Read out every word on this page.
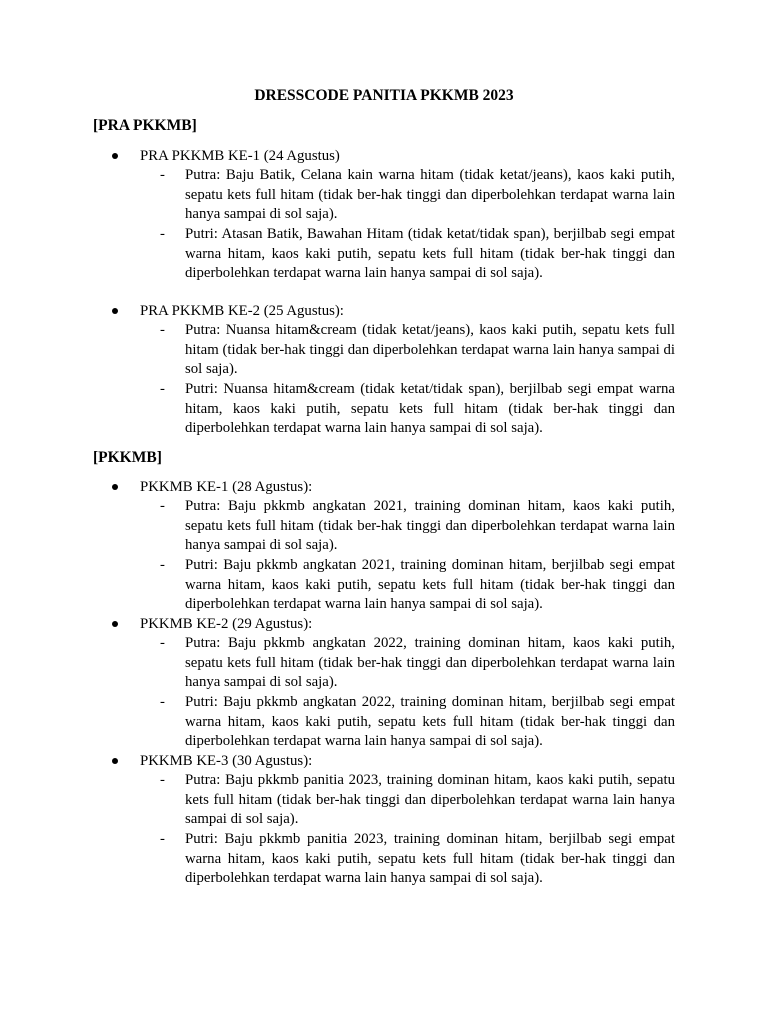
DRESSCODE PANITIA PKKMB 2023
[PRA PKKMB]
PRA PKKMB KE-1 (24 Agustus)
- Putra: Baju Batik, Celana kain warna hitam (tidak ketat/jeans), kaos kaki putih, sepatu kets full hitam (tidak ber-hak tinggi dan diperbolehkan terdapat warna lain hanya sampai di sol saja).
- Putri: Atasan Batik, Bawahan Hitam (tidak ketat/tidak span), berjilbab segi empat warna hitam, kaos kaki putih, sepatu kets full hitam (tidak ber-hak tinggi dan diperbolehkan terdapat warna lain hanya sampai di sol saja).
PRA PKKMB KE-2 (25 Agustus):
- Putra: Nuansa hitam&cream (tidak ketat/jeans), kaos kaki putih, sepatu kets full hitam (tidak ber-hak tinggi dan diperbolehkan terdapat warna lain hanya sampai di sol saja).
- Putri: Nuansa hitam&cream (tidak ketat/tidak span), berjilbab segi empat warna hitam, kaos kaki putih, sepatu kets full hitam (tidak ber-hak tinggi dan diperbolehkan terdapat warna lain hanya sampai di sol saja).
[PKKMB]
PKKMB KE-1 (28 Agustus):
- Putra: Baju pkkmb angkatan 2021, training dominan hitam, kaos kaki putih, sepatu kets full hitam (tidak ber-hak tinggi dan diperbolehkan terdapat warna lain hanya sampai di sol saja).
- Putri: Baju pkkmb angkatan 2021, training dominan hitam, berjilbab segi empat warna hitam, kaos kaki putih, sepatu kets full hitam (tidak ber-hak tinggi dan diperbolehkan terdapat warna lain hanya sampai di sol saja).
PKKMB KE-2 (29 Agustus):
- Putra: Baju pkkmb angkatan 2022, training dominan hitam, kaos kaki putih, sepatu kets full hitam (tidak ber-hak tinggi dan diperbolehkan terdapat warna lain hanya sampai di sol saja).
- Putri: Baju pkkmb angkatan 2022, training dominan hitam, berjilbab segi empat warna hitam, kaos kaki putih, sepatu kets full hitam (tidak ber-hak tinggi dan diperbolehkan terdapat warna lain hanya sampai di sol saja).
PKKMB KE-3 (30 Agustus):
- Putra: Baju pkkmb panitia 2023, training dominan hitam, kaos kaki putih, sepatu kets full hitam (tidak ber-hak tinggi dan diperbolehkan terdapat warna lain hanya sampai di sol saja).
- Putri: Baju pkkmb panitia 2023, training dominan hitam, berjilbab segi empat warna hitam, kaos kaki putih, sepatu kets full hitam (tidak ber-hak tinggi dan diperbolehkan terdapat warna lain hanya sampai di sol saja).
